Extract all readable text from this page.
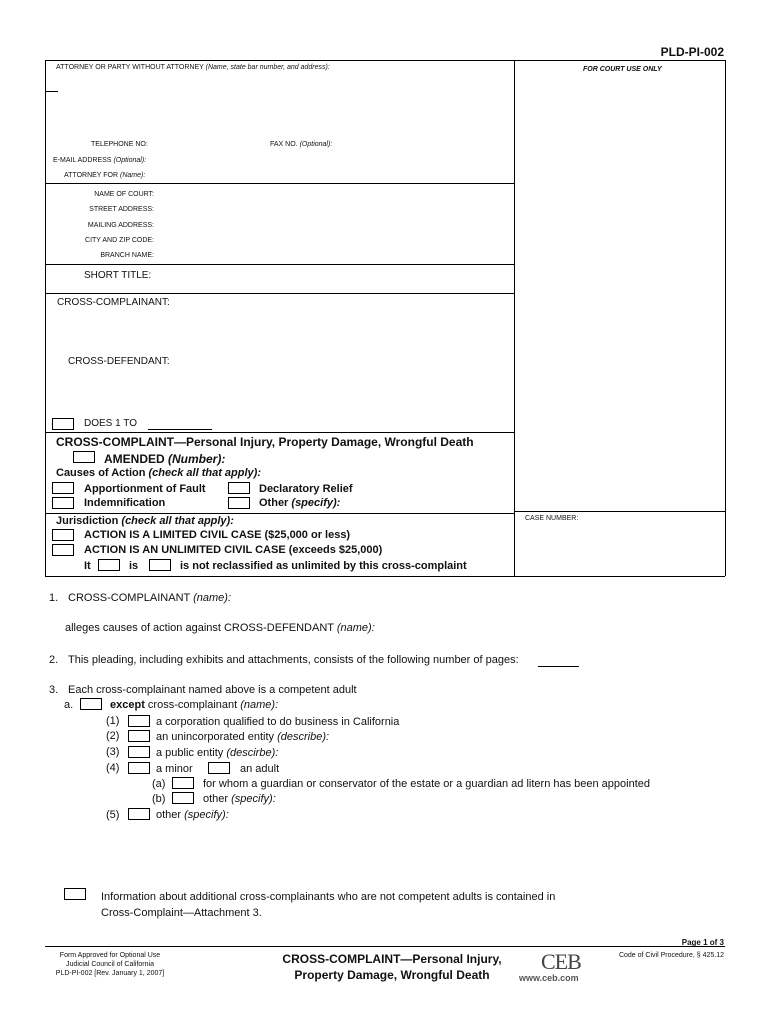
PLD-PI-002
ATTORNEY OR PARTY WITHOUT ATTORNEY (Name, state bar number, and address):	FOR COURT USE ONLY
TELEPHONE NO:	FAX NO. (Optional):
E-MAIL ADDRESS (Optional):
ATTORNEY FOR (Name):
NAME OF COURT:
STREET ADDRESS:
MAILING ADDRESS:
CITY AND ZIP CODE:
BRANCH NAME:
SHORT TITLE:
CROSS-COMPLAINANT:
CROSS-DEFENDANT:
DOES 1 TO
CROSS-COMPLAINT—Personal Injury, Property Damage, Wrongful Death
AMENDED (Number):
Causes of Action (check all that apply):
Apportionment of Fault	Declaratory Relief
Indemnification	Other (specify):
Jurisdiction (check all that apply):	CASE NUMBER:
ACTION IS A LIMITED CIVIL CASE ($25,000 or less)
ACTION IS AN UNLIMITED CIVIL CASE (exceeds $25,000)
It	is	is not reclassified as unlimited by this cross-complaint
1. CROSS-COMPLAINANT (name):
alleges causes of action against CROSS-DEFENDANT (name):
2. This pleading, including exhibits and attachments, consists of the following number of pages:
3. Each cross-complainant named above is a competent adult
a.	except cross-complainant (name):
(1)	a corporation qualified to do business in California
(2)	an unincorporated entity (describe):
(3)	a public entity (descirbe):
(4)	a minor	an adult
(a)	for whom a guardian or conservator of the estate or a guardian ad litern has been appointed
(b)	other (specify):
(5)	other (specify):
Information about additional cross-complainants who are not competent adults is contained in
Cross-Complaint—Attachment 3.
Page 1 of 3
Form Approved for Optional Use
Judicial Council of California
PLD-PI-002 [Rev. January 1, 2007]
CROSS-COMPLAINT—Personal Injury,
Property Damage, Wrongful Death
CEB
www.ceb.com
Code of Civil Procedure, § 425.12
